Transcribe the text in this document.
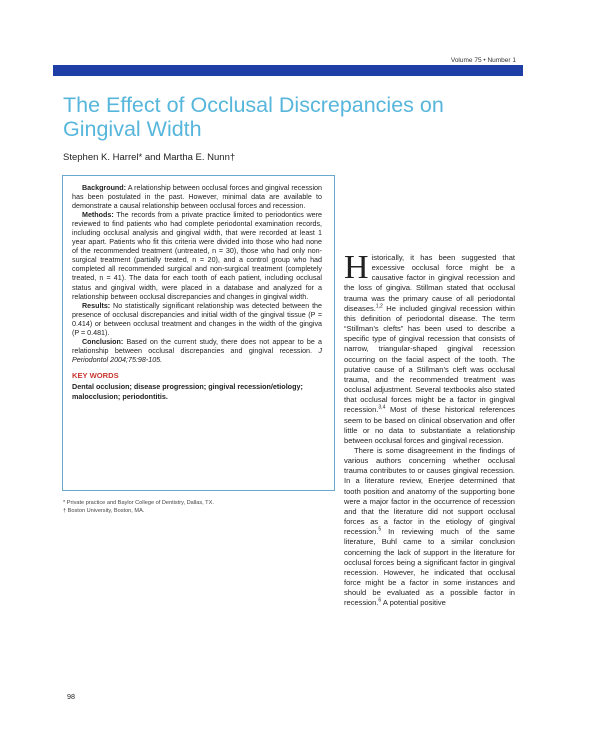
Volume 75 • Number 1
The Effect of Occlusal Discrepancies on Gingival Width
Stephen K. Harrel* and Martha E. Nunn†

Background: A relationship between occlusal forces and gingival recession has been postulated in the past. However, minimal data are available to demonstrate a causal relationship between occlusal forces and recession.

Methods: The records from a private practice limited to periodontics were reviewed to find patients who had complete periodontal examination records, including occlusal analysis and gingival width, that were recorded at least 1 year apart. Patients who fit this criteria were divided into those who had none of the recommended treatment (untreated, n = 30), those who had only non-surgical treatment (partially treated, n = 20), and a control group who had completed all recommended surgical and non-surgical treatment (completely treated, n = 41). The data for each tooth of each patient, including occlusal status and gingival width, were placed in a database and analyzed for a relationship between occlusal discrepancies and changes in gingival width.

Results: No statistically significant relationship was detected between the presence of occlusal discrepancies and initial width of the gingival tissue (P = 0.414) or between occlusal treatment and changes in the width of the gingiva (P = 0.481).

Conclusion: Based on the current study, there does not appear to be a relationship between occlusal discrepancies and gingival recession. J Periodontol 2004;75:98-105.

KEY WORDS

Dental occlusion; disease progression; gingival recession/etiology; malocclusion; periodontitis.

* Private practice and Baylor College of Dentistry, Dallas, TX.
† Boston University, Boston, MA.

Historically, it has been suggested that excessive occlusal force might be a causative factor in gingival recession and the loss of gingiva. Stillman stated that occlusal trauma was the primary cause of all periodontal diseases.$^{1,2}$ He included gingival recession within this definition of periodontal disease. The term “Stillman’s clefts” has been used to describe a specific type of gingival recession that consists of narrow, triangular-shaped gingival recession occurring on the facial aspect of the tooth. The putative cause of a Stillman’s cleft was occlusal trauma, and the recommended treatment was occlusal adjustment. Several textbooks also stated that occlusal forces might be a factor in gingival recession.$^{3,4}$ Most of these historical references seem to be based on clinical observation and offer little or no data to substantiate a relationship between occlusal forces and gingival recession.

There is some disagreement in the findings of various authors concerning whether occlusal trauma contributes to or causes gingival recession. In a literature review, Enerjee determined that tooth position and anatomy of the supporting bone were a major factor in the occurrence of recession and that the literature did not support occlusal forces as a factor in the etiology of gingival recession.$^5$ In reviewing much of the same literature, Buhl came to a similar conclusion concerning the lack of support in the literature for occlusal forces being a significant factor in gingival recession. However, he indicated that occlusal force might be a factor in some instances and should be evaluated as a possible factor in recession.$^6$ A potential positive

98
